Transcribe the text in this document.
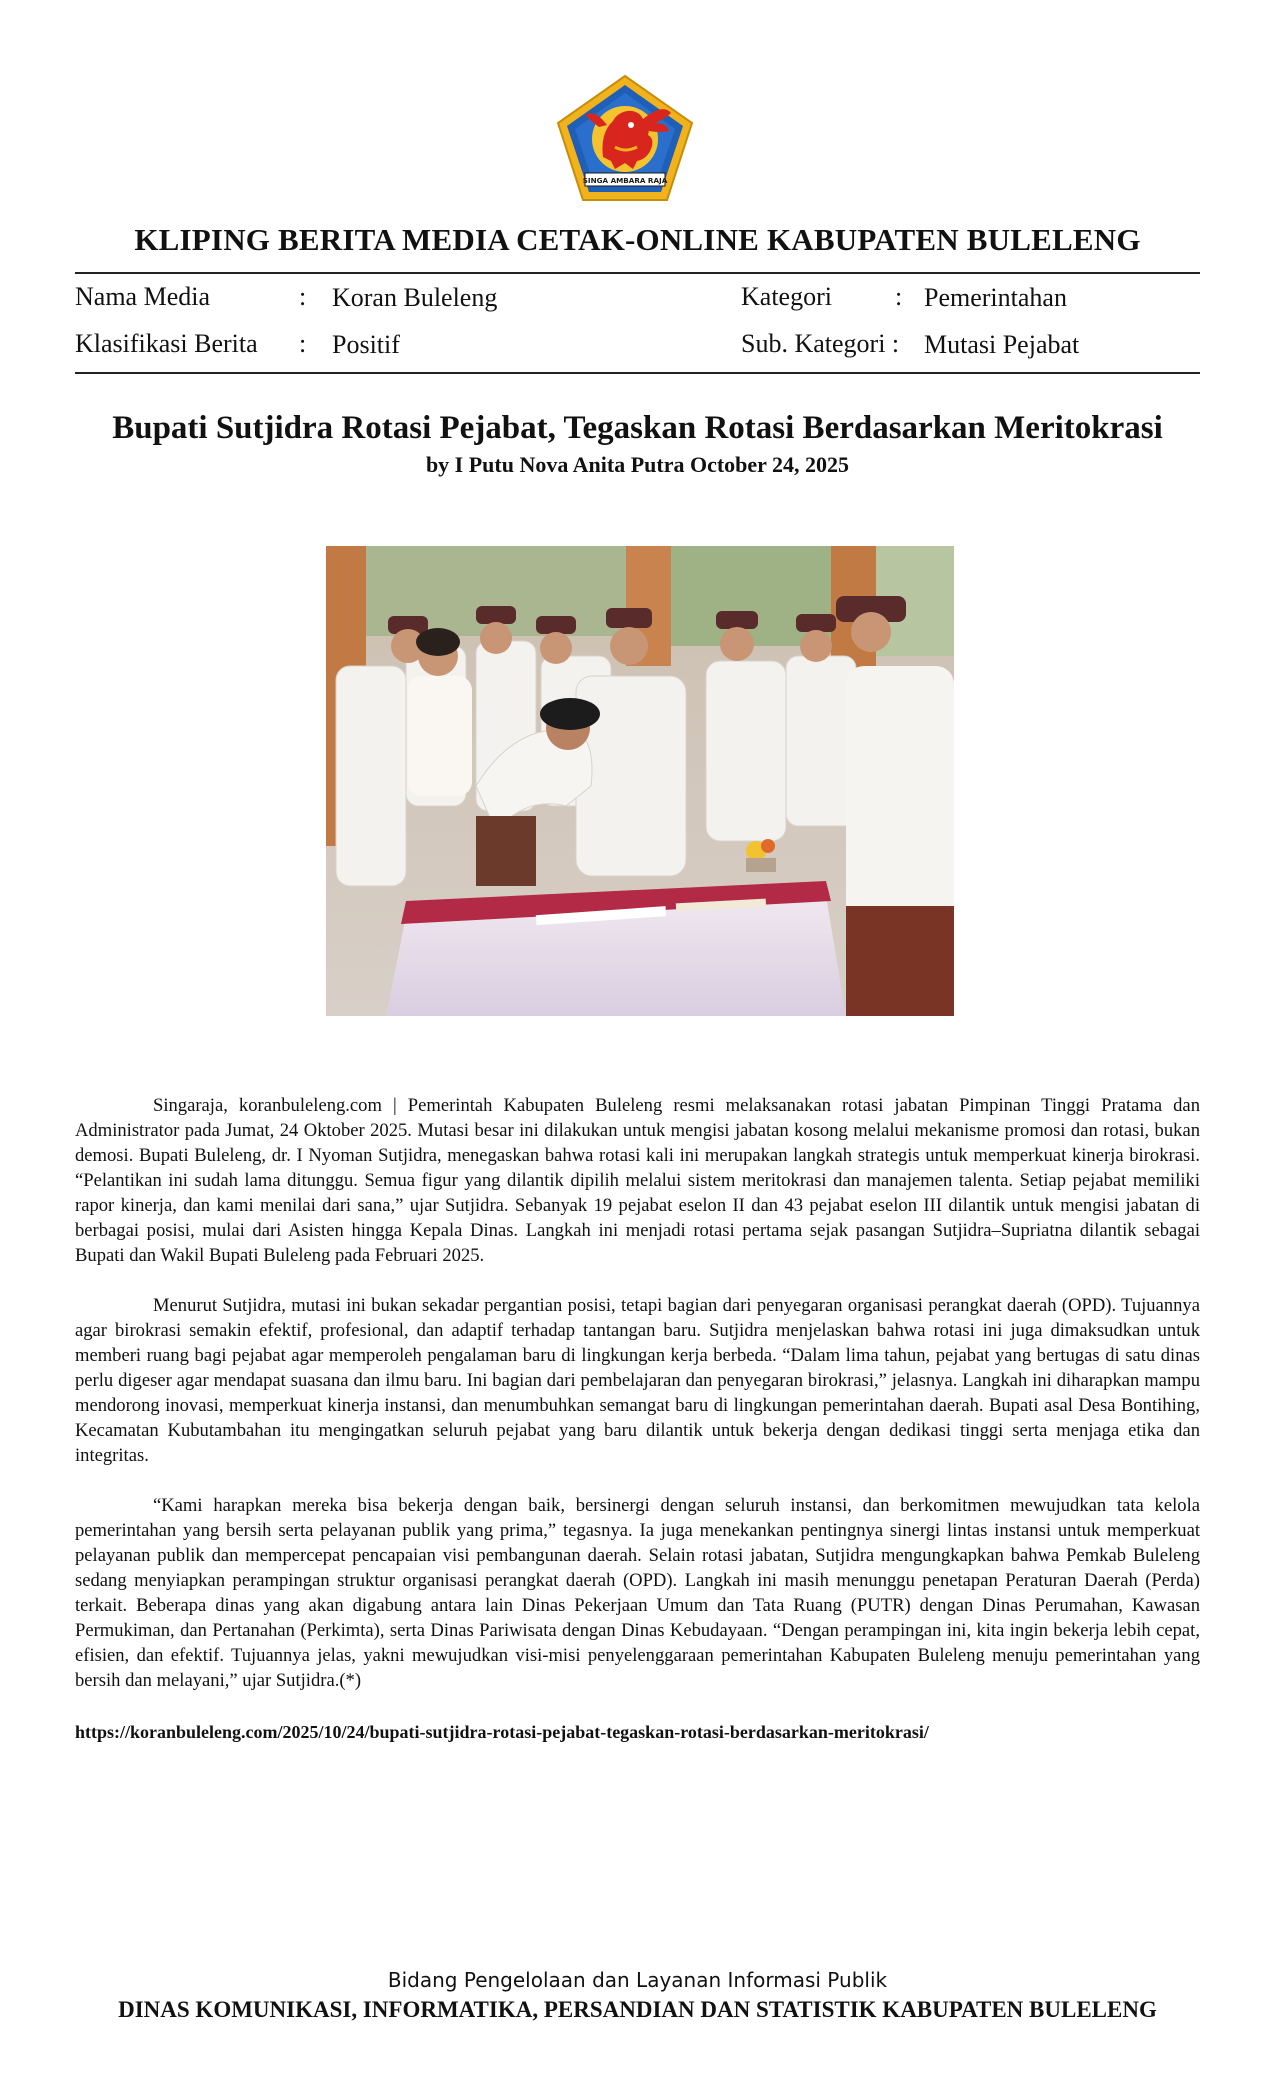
SINGA AMBARA RAJA
KLIPING BERITA MEDIA CETAK-ONLINE KABUPATEN BULELENG
Nama Media	: Koran Buleleng
Klasifikasi Berita : Positif
Kategori : Pemerintahan
Sub. Kategori : Mutasi Pejabat
Bupati Sutjidra Rotasi Pejabat, Tegaskan Rotasi Berdasarkan Meritokrasi
by I Putu Nova Anita Putra October 24, 2025

Singaraja, koranbuleleng.com | Pemerintah Kabupaten Buleleng resmi melaksanakan rotasi jabatan Pimpinan Tinggi Pratama dan Administrator pada Jumat, 24 Oktober 2025. Mutasi besar ini dilakukan untuk mengisi jabatan kosong melalui mekanisme promosi dan rotasi, bukan demosi. Bupati Buleleng, dr. I Nyoman Sutjidra, menegaskan bahwa rotasi kali ini merupakan langkah strategis untuk memperkuat kinerja birokrasi. “Pelantikan ini sudah lama ditunggu. Semua figur yang dilantik dipilih melalui sistem meritokrasi dan manajemen talenta. Setiap pejabat memiliki rapor kinerja, dan kami menilai dari sana,” ujar Sutjidra. Sebanyak 19 pejabat eselon II dan 43 pejabat eselon III dilantik untuk mengisi jabatan di berbagai posisi, mulai dari Asisten hingga Kepala Dinas. Langkah ini menjadi rotasi pertama sejak pasangan Sutjidra–Supriatna dilantik sebagai Bupati dan Wakil Bupati Buleleng pada Februari 2025.

Menurut Sutjidra, mutasi ini bukan sekadar pergantian posisi, tetapi bagian dari penyegaran organisasi perangkat daerah (OPD). Tujuannya agar birokrasi semakin efektif, profesional, dan adaptif terhadap tantangan baru. Sutjidra menjelaskan bahwa rotasi ini juga dimaksudkan untuk memberi ruang bagi pejabat agar memperoleh pengalaman baru di lingkungan kerja berbeda. “Dalam lima tahun, pejabat yang bertugas di satu dinas perlu digeser agar mendapat suasana dan ilmu baru. Ini bagian dari pembelajaran dan penyegaran birokrasi,” jelasnya. Langkah ini diharapkan mampu mendorong inovasi, memperkuat kinerja instansi, dan menumbuhkan semangat baru di lingkungan pemerintahan daerah. Bupati asal Desa Bontihing, Kecamatan Kubutambahan itu mengingatkan seluruh pejabat yang baru dilantik untuk bekerja dengan dedikasi tinggi serta menjaga etika dan integritas.

“Kami harapkan mereka bisa bekerja dengan baik, bersinergi dengan seluruh instansi, dan berkomitmen mewujudkan tata kelola pemerintahan yang bersih serta pelayanan publik yang prima,” tegasnya. Ia juga menekankan pentingnya sinergi lintas instansi untuk memperkuat pelayanan publik dan mempercepat pencapaian visi pembangunan daerah. Selain rotasi jabatan, Sutjidra mengungkapkan bahwa Pemkab Buleleng sedang menyiapkan perampingan struktur organisasi perangkat daerah (OPD). Langkah ini masih menunggu penetapan Peraturan Daerah (Perda) terkait. Beberapa dinas yang akan digabung antara lain Dinas Pekerjaan Umum dan Tata Ruang (PUTR) dengan Dinas Perumahan, Kawasan Permukiman, dan Pertanahan (Perkimta), serta Dinas Pariwisata dengan Dinas Kebudayaan. “Dengan perampingan ini, kita ingin bekerja lebih cepat, efisien, dan efektif. Tujuannya jelas, yakni mewujudkan visi-misi penyelenggaraan pemerintahan Kabupaten Buleleng menuju pemerintahan yang bersih dan melayani,” ujar Sutjidra.(*)

https://koranbuleleng.com/2025/10/24/bupati-sutjidra-rotasi-pejabat-tegaskan-rotasi-berdasarkan-meritokrasi/
Bidang Pengelolaan dan Layanan Informasi Publik
DINAS KOMUNIKASI, INFORMATIKA, PERSANDIAN DAN STATISTIK KABUPATEN BULELENG
